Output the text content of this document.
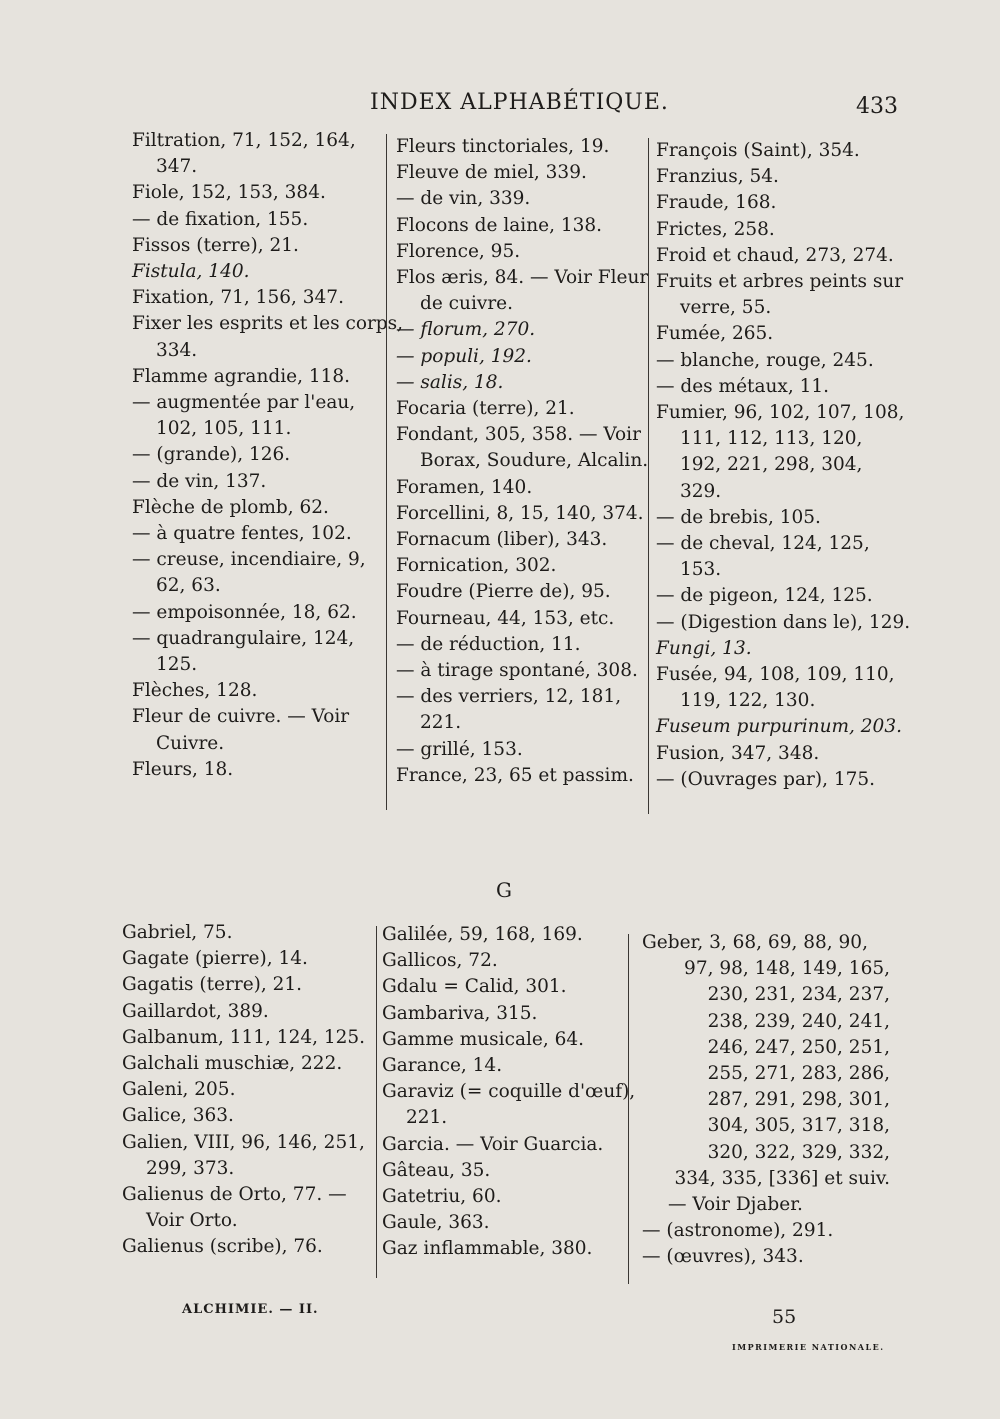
INDEX ALPHABÉTIQUE.	433
Filtration, 71, 152, 164,
347.
Fiole, 152, 153, 384.
— de fixation, 155.
Fissos (terre), 21.
Fistula, 140.
Fixation, 71, 156, 347.
Fixer les esprits et les corps,
334.
Flamme agrandie, 118.
— augmentée par l'eau,
102, 105, 111.
— (grande), 126.
— de vin, 137.
Flèche de plomb, 62.
— à quatre fentes, 102.
— creuse, incendiaire, 9,
62, 63.
— empoisonnée, 18, 62.
— quadrangulaire, 124,
125.
Flèches, 128.
Fleur de cuivre. — Voir
Cuivre.
Fleurs, 18.
Fleurs tinctoriales, 19.
Fleuve de miel, 339.
— de vin, 339.
Flocons de laine, 138.
Florence, 95.
Flos æris, 84. — Voir Fleur
de cuivre.
— florum, 270.
— populi, 192.
— salis, 18.
Focaria (terre), 21.
Fondant, 305, 358. — Voir
Borax, Soudure, Alcalin.
Foramen, 140.
Forcellini, 8, 15, 140, 374.
Fornacum (liber), 343.
Fornication, 302.
Foudre (Pierre de), 95.
Fourneau, 44, 153, etc.
— de réduction, 11.
— à tirage spontané, 308.
— des verriers, 12, 181,
221.
— grillé, 153.
France, 23, 65 et passim.
François (Saint), 354.
Franzius, 54.
Fraude, 168.
Frictes, 258.
Froid et chaud, 273, 274.
Fruits et arbres peints sur
verre, 55.
Fumée, 265.
— blanche, rouge, 245.
— des métaux, 11.
Fumier, 96, 102, 107, 108,
111, 112, 113, 120,
192, 221, 298, 304,
329.
— de brebis, 105.
— de cheval, 124, 125,
153.
— de pigeon, 124, 125.
— (Digestion dans le), 129.
Fungi, 13.
Fusée, 94, 108, 109, 110,
119, 122, 130.
Fuseum purpurinum, 203.
Fusion, 347, 348.
— (Ouvrages par), 175.
G
Gabriel, 75.
Gagate (pierre), 14.
Gagatis (terre), 21.
Gaillardot, 389.
Galbanum, 111, 124, 125.
Galchali muschiæ, 222.
Galeni, 205.
Galice, 363.
Galien, VIII, 96, 146, 251,
299, 373.
Galienus de Orto, 77. —
Voir Orto.
Galienus (scribe), 76.
Galilée, 59, 168, 169.
Gallicos, 72.
Gdalu = Calid, 301.
Gambariva, 315.
Gamme musicale, 64.
Garance, 14.
Garaviz (= coquille d'œuf),
221.
Garcia. — Voir Guarcia.
Gâteau, 35.
Gatetriu, 60.
Gaule, 363.
Gaz inflammable, 380.
Geber, 3, 68, 69, 88, 90,
97, 98, 148, 149, 165,
230, 231, 234, 237,
238, 239, 240, 241,
246, 247, 250, 251,
255, 271, 283, 286,
287, 291, 298, 301,
304, 305, 317, 318,
320, 322, 329, 332,
334, 335, [336] et suiv.
— Voir Djaber.
— (astronome), 291.
— (œuvres), 343.
ALCHIMIE. — II.	55
IMPRIMERIE NATIONALE.
